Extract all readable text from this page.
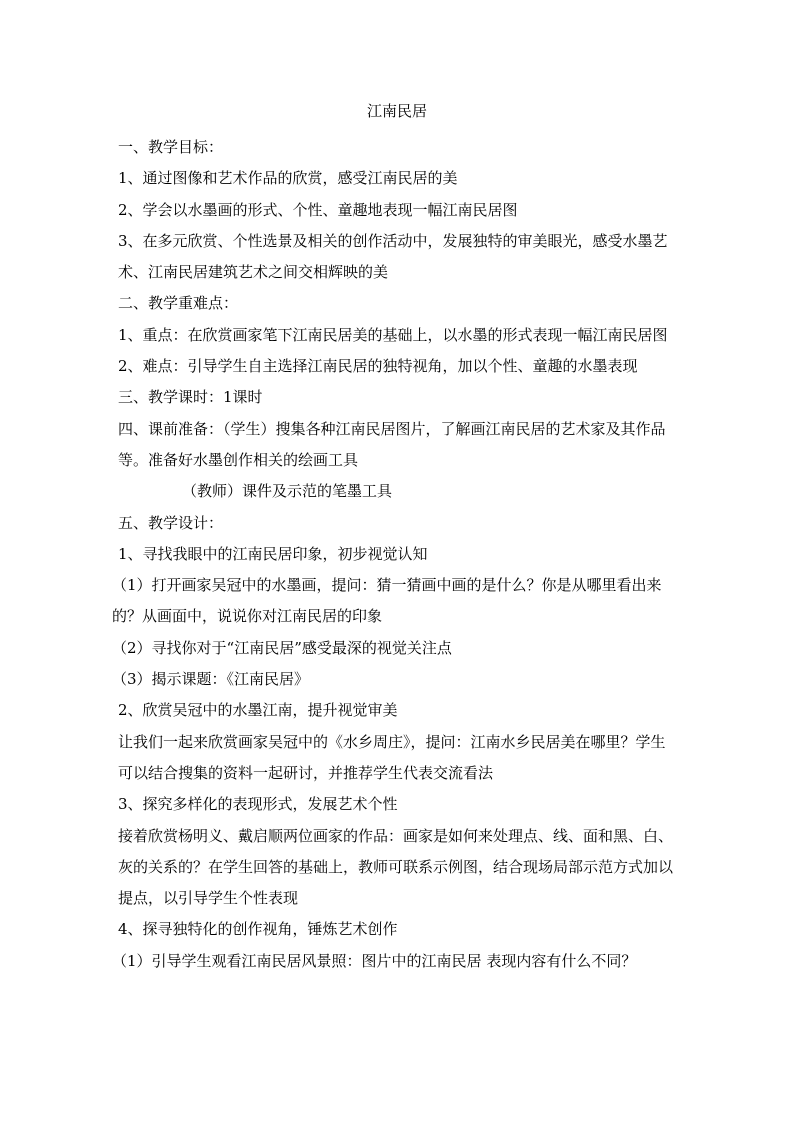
江南民居

一、教学目标：

1、通过图像和艺术作品的欣赏，感受江南民居的美

2、学会以水墨画的形式、个性、童趣地表现一幅江南民居图

3、在多元欣赏、个性选景及相关的创作活动中，发展独特的审美眼光，感受水墨艺术、江南民居建筑艺术之间交相辉映的美

二、教学重难点：

1、重点：在欣赏画家笔下江南民居美的基础上，以水墨的形式表现一幅江南民居图

2、难点：引导学生自主选择江南民居的独特视角，加以个性、童趣的水墨表现

三、教学课时：1课时

四、课前准备：（学生）搜集各种江南民居图片，了解画江南民居的艺术家及其作品等。准备好水墨创作相关的绘画工具

（教师）课件及示范的笔墨工具

五、教学设计：

1、寻找我眼中的江南民居印象，初步视觉认知

（1）打开画家吴冠中的水墨画，提问：猜一猜画中画的是什么？你是从哪里看出来的？从画面中，说说你对江南民居的印象

（2）寻找你对于“江南民居”感受最深的视觉关注点

（3）揭示课题：《江南民居》

2、欣赏吴冠中的水墨江南，提升视觉审美

让我们一起来欣赏画家吴冠中的《水乡周庄》，提问：江南水乡民居美在哪里？学生可以结合搜集的资料一起研讨，并推荐学生代表交流看法

3、探究多样化的表现形式，发展艺术个性

接着欣赏杨明义、戴启顺两位画家的作品：画家是如何来处理点、线、面和黑、白、灰的关系的？在学生回答的基础上，教师可联系示例图，结合现场局部示范方式加以提点，以引导学生个性表现

4、探寻独特化的创作视角，锤炼艺术创作

（1）引导学生观看江南民居风景照：图片中的江南民居 表现内容有什么不同？
